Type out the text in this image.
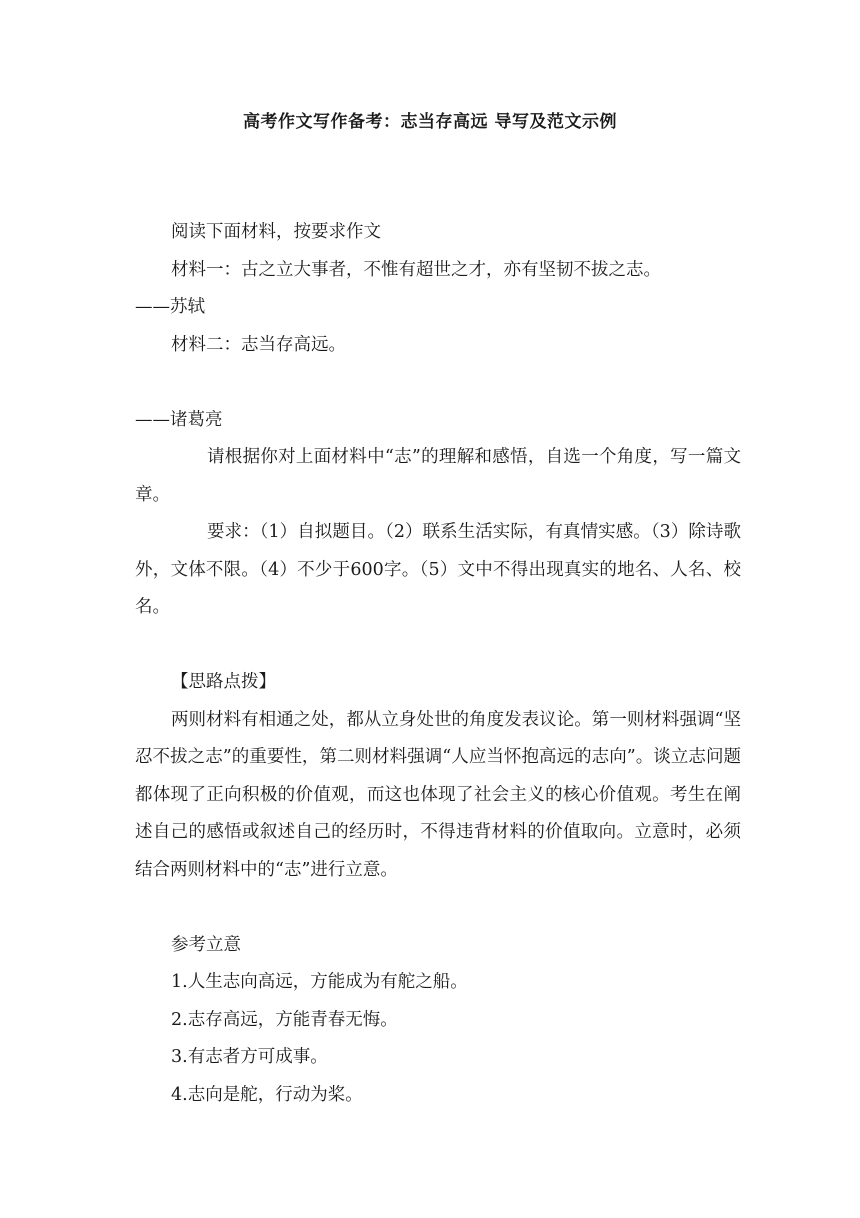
高考作文写作备考：志当存高远 导写及范文示例

阅读下面材料，按要求作文

材料一：古之立大事者，不惟有超世之才，亦有坚韧不拔之志。

——苏轼

材料二：志当存高远。

——诸葛亮

请根据你对上面材料中“志”的理解和感悟，自选一个角度，写一篇文章。

要求：（1）自拟题目。（2）联系生活实际，有真情实感。（3）除诗歌外，文体不限。（4）不少于600字。（5）文中不得出现真实的地名、人名、校名。

【思路点拨】

两则材料有相通之处，都从立身处世的角度发表议论。第一则材料强调“坚忍不拔之志”的重要性，第二则材料强调“人应当怀抱高远的志向”。谈立志问题都体现了正向积极的价值观，而这也体现了社会主义的核心价值观。考生在阐述自己的感悟或叙述自己的经历时，不得违背材料的价值取向。立意时，必须结合两则材料中的“志”进行立意。

参考立意

1.人生志向高远，方能成为有舵之船。

2.志存高远，方能青春无悔。

3.有志者方可成事。

4.志向是舵，行动为桨。
